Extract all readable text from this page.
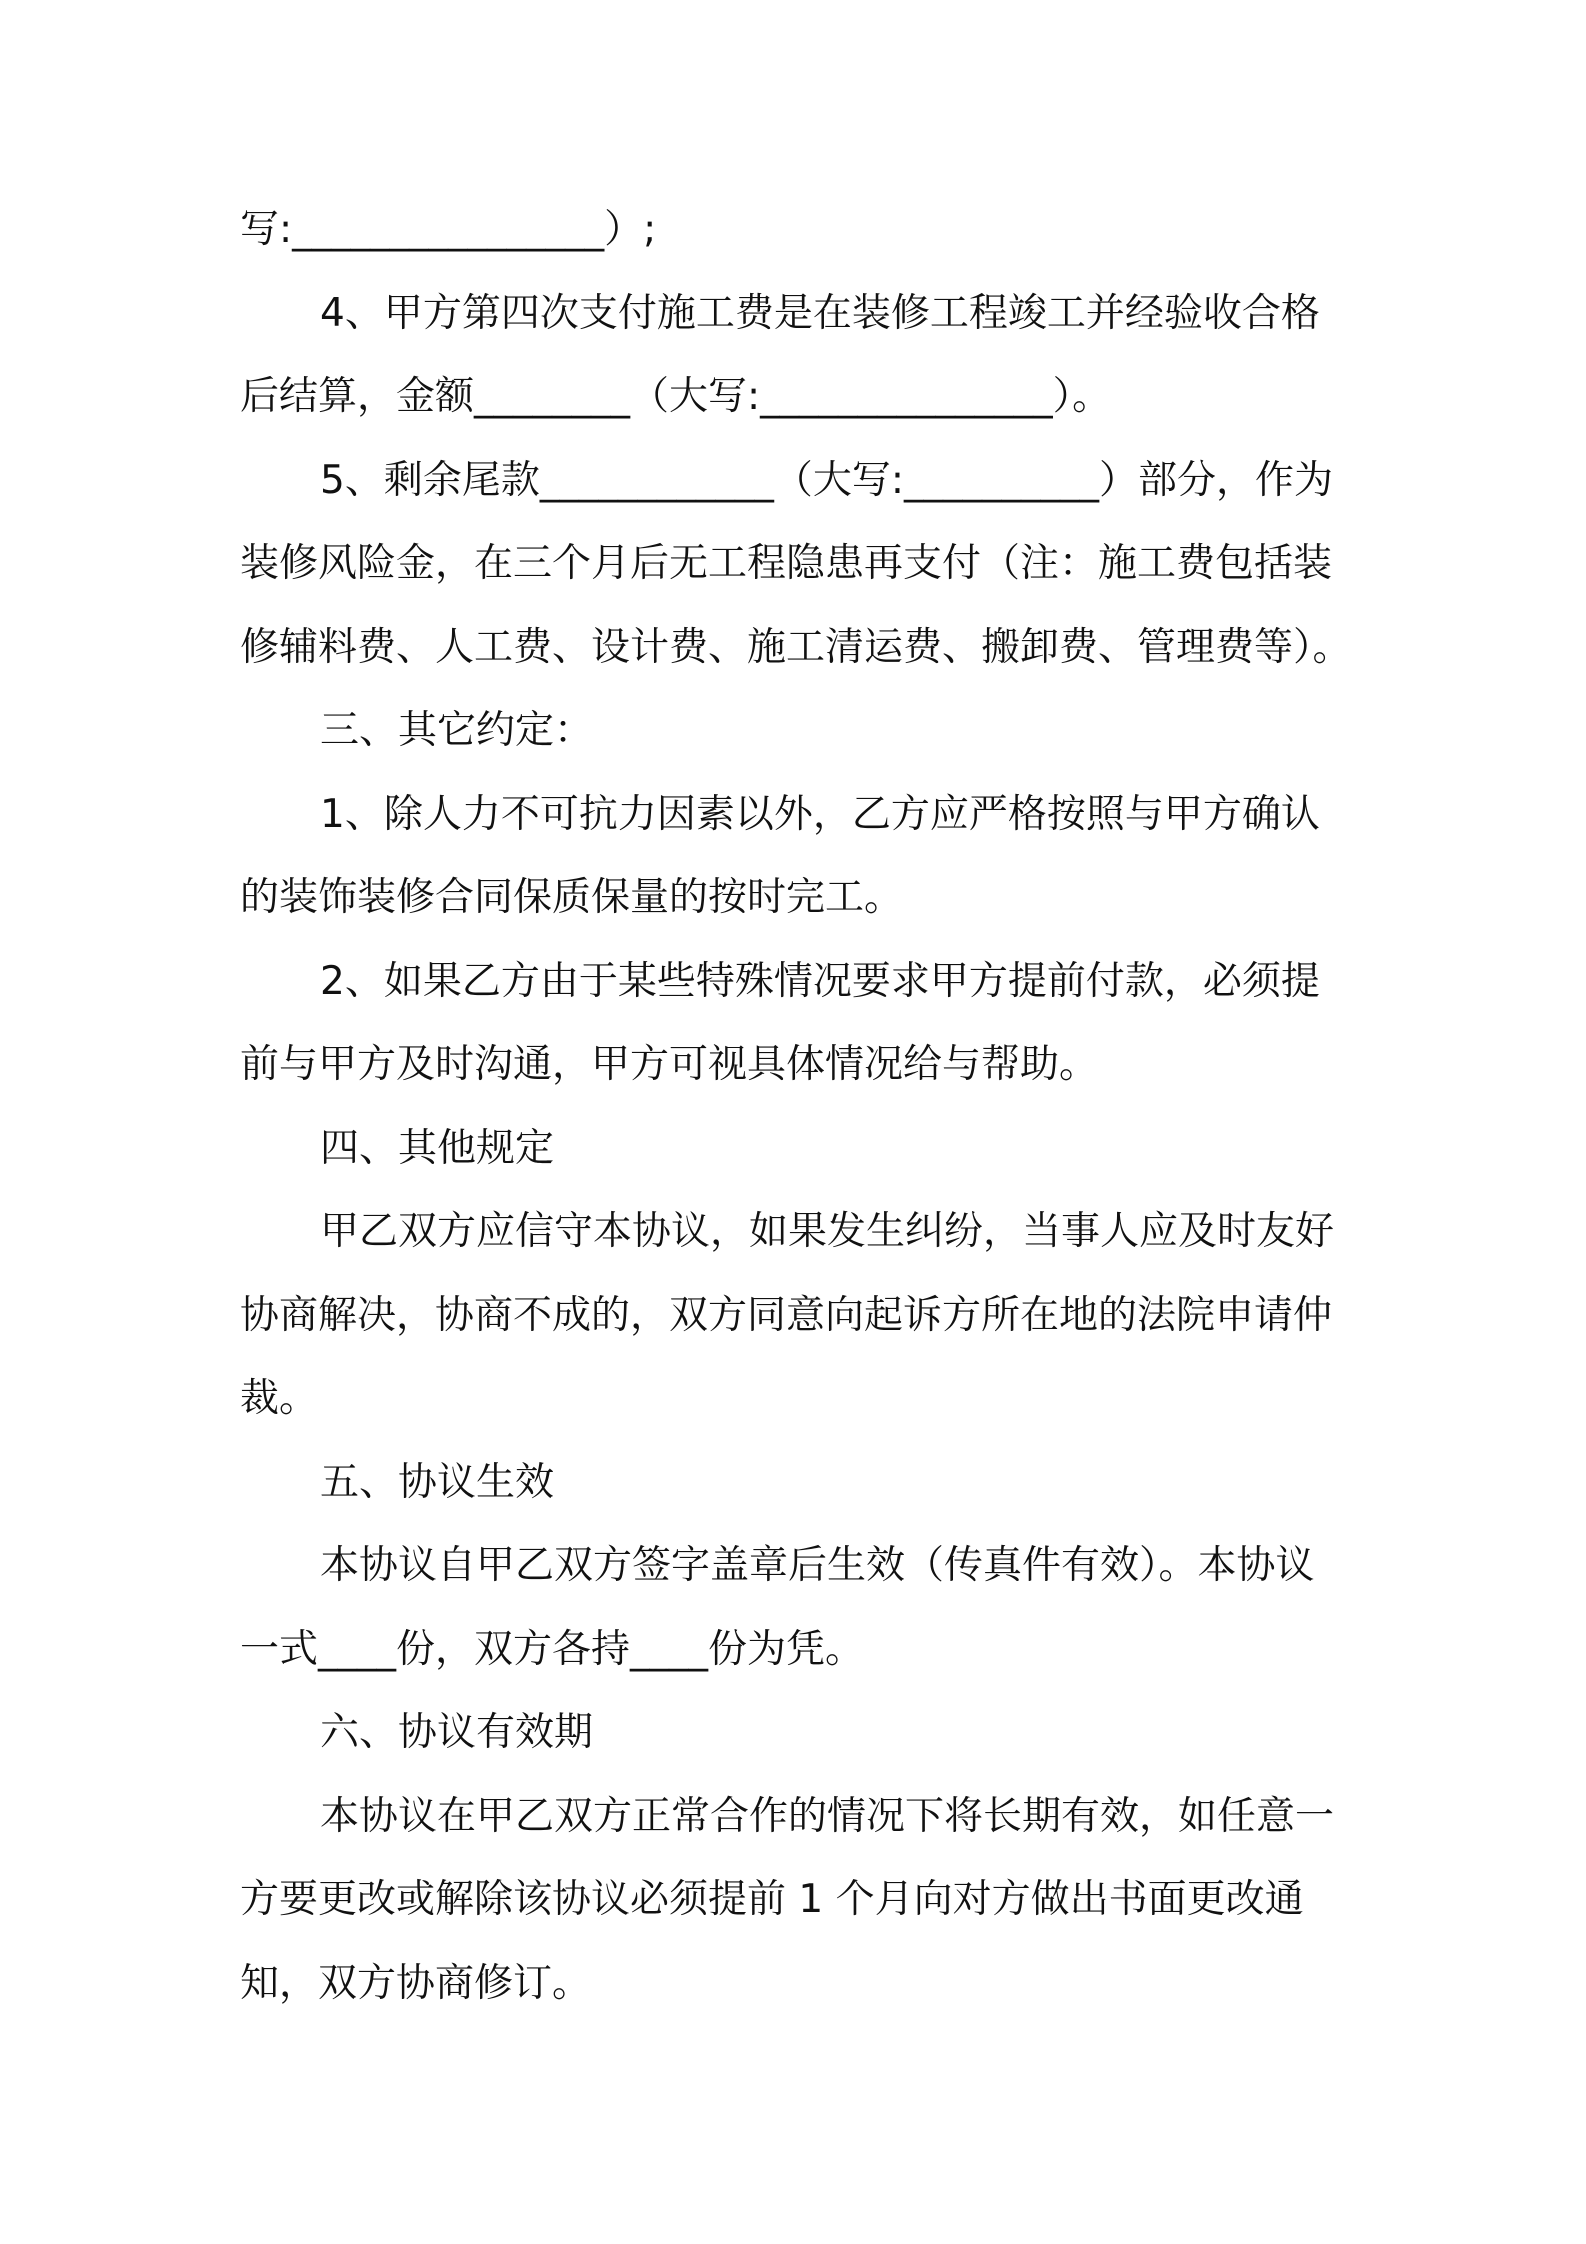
写:________________）;
4、甲方第四次支付施工费是在装修工程竣工并经验收合格
后结算，金额________（大写:_______________）。
5、剩余尾款____________（大写:__________）部分，作为
装修风险金，在三个月后无工程隐患再支付（注：施工费包括装
修辅料费、人工费、设计费、施工清运费、搬卸费、管理费等）。
三、其它约定：
1、除人力不可抗力因素以外，乙方应严格按照与甲方确认
的装饰装修合同保质保量的按时完工。
2、如果乙方由于某些特殊情况要求甲方提前付款，必须提
前与甲方及时沟通，甲方可视具体情况给与帮助。
四、其他规定
甲乙双方应信守本协议，如果发生纠纷，当事人应及时友好
协商解决，协商不成的，双方同意向起诉方所在地的法院申请仲
裁。
五、协议生效
本协议自甲乙双方签字盖章后生效（传真件有效）。本协议
一式____份，双方各持____份为凭。
六、协议有效期
本协议在甲乙双方正常合作的情况下将长期有效，如任意一
方要更改或解除该协议必须提前 1 个月向对方做出书面更改通
知，双方协商修订。
